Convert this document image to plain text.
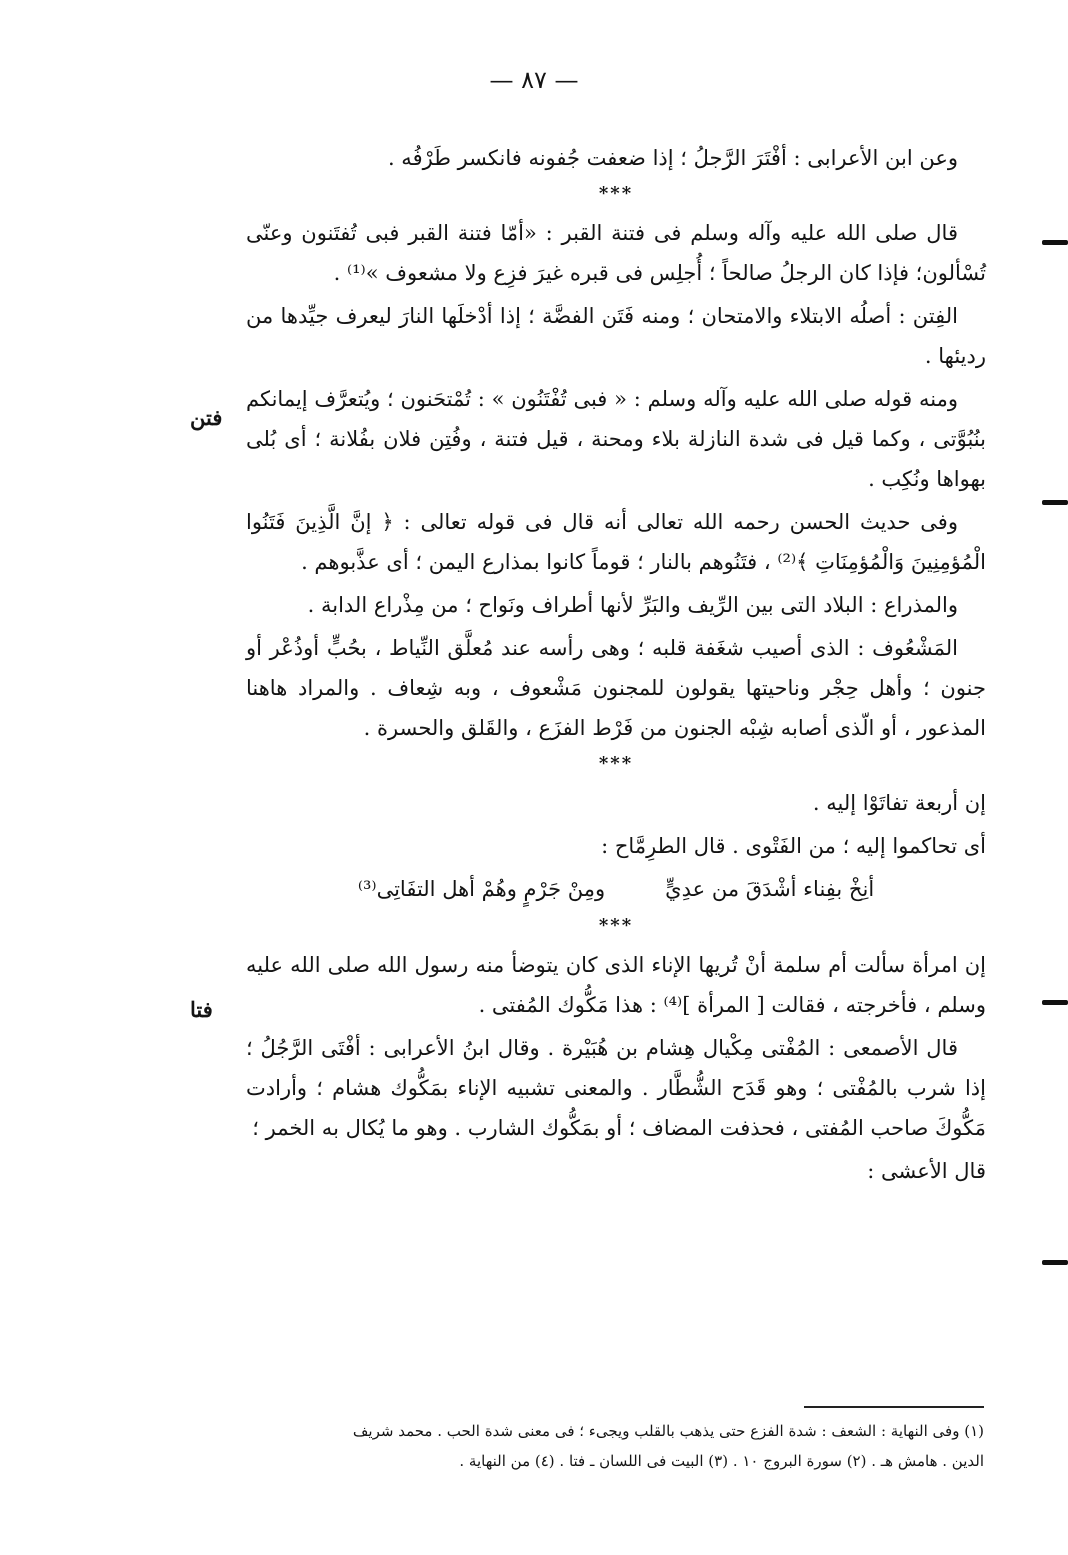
— ٨٧ —

وعن ابن الأعرابى : أفْتَرَ الرَّجلُ ؛ إذا ضعفت جُفونه فانكسر طَرْفُه .

***

قال صلى الله عليه وآله وسلم فى فتنة القبر : «أمّا فتنة القبر فبى تُفتَنون وعنّى تُسْألون؛ فإذا كان الرجلُ صالحاً ؛ أُجلِس فى قبره غيرَ فزِع ولا مشعوف »⁽¹⁾ .

الفِتن : أصلُه الابتلاء والامتحان ؛ ومنه فَتَن الفضَّة ؛ إذا أدْخلَها النارَ ليعرف جيِّدها من رديئها .

ومنه قوله صلى الله عليه وآله وسلم : « فبى تُفْتَنُون » : تُمْتحَنون ؛ ويُتعرَّف إيمانكم بنُبُوَّتى ، وكما قيل فى شدة النازلة بلاء ومحنة ، قيل فتنة ، وفُتِن فلان بفُلانة ؛ أى بُلى بهواها ونُكِب .

وفى حديث الحسن رحمه الله تعالى أنه قال فى قوله تعالى : ﴿ إنَّ الَّذِينَ فَتَنُوا الْمُؤمِنِينَ وَالْمُؤمِنَاتِ ﴾⁽²⁾ ، فتَنُوهم بالنار ؛ قوماً كانوا بمذارع اليمن ؛ أى عذَّبوهم .

والمذراع : البلاد التى بين الرِّيف والبَرِّ لأنها أطراف ونَواح ؛ من مِذْراع الدابة .

المَشْعُوف : الذى أصيب شغَفة قلبه ؛ وهى رأسه عند مُعلَّق النِّياط ، بحُبٍّ أوذُعْر أو جنون ؛ وأهل حِجْر وناحيتها يقولون للمجنون مَشْعوف ، وبه شِعاف . والمراد هاهنا المذعور ، أو الّذى أصابه شِبْه الجنون من فَرْط الفزَع ، والقَلق والحسرة .

***

إن أربعة تفاتَوْا إليه .

أى تحاكموا إليه ؛ من الفَتْوى . قال الطرِمَّاح :

أنِخْ بفِناء أشْدَقَ من عدِيٍّ
ومِنْ جَرْمٍ وهُمْ أهل التفَاتِى⁽³⁾
***

إن امرأة سألت أم سلمة أنْ تُريها الإناء الذى كان يتوضأ منه رسول الله صلى الله عليه وسلم ، فأخرجته ، فقالت [ المرأة ]⁽⁴⁾ : هذا مَكُّوك المُفتى .

قال الأصمعى : المُفْتى مِكْيال هِشام بن هُبَيْرة . وقال ابنُ الأعرابى : أفْتَى الرَّجُلُ ؛ إذا شرب بالمُفْتى ؛ وهو قَدَح الشُّطَّار . والمعنى تشبيه الإناء بمَكُّوك هشام ؛ وأرادت مَكُّوكَ صاحب المُفتى ، فحذفت المضاف ؛ أو بمَكُّوك الشارب . وهو ما يُكال به الخمر ؛

قال الأعشى :

فتن
فتا

(١) وفى النهاية : الشعف : شدة الفزع حتى يذهب بالقلب ويجىء ؛ فى معنى شدة الحب . محمد شريف

الدين . هامش هـ . (٢) سورة البروج ١٠ . (٣) البيت فى اللسان ـ فتا . (٤) من النهاية .
